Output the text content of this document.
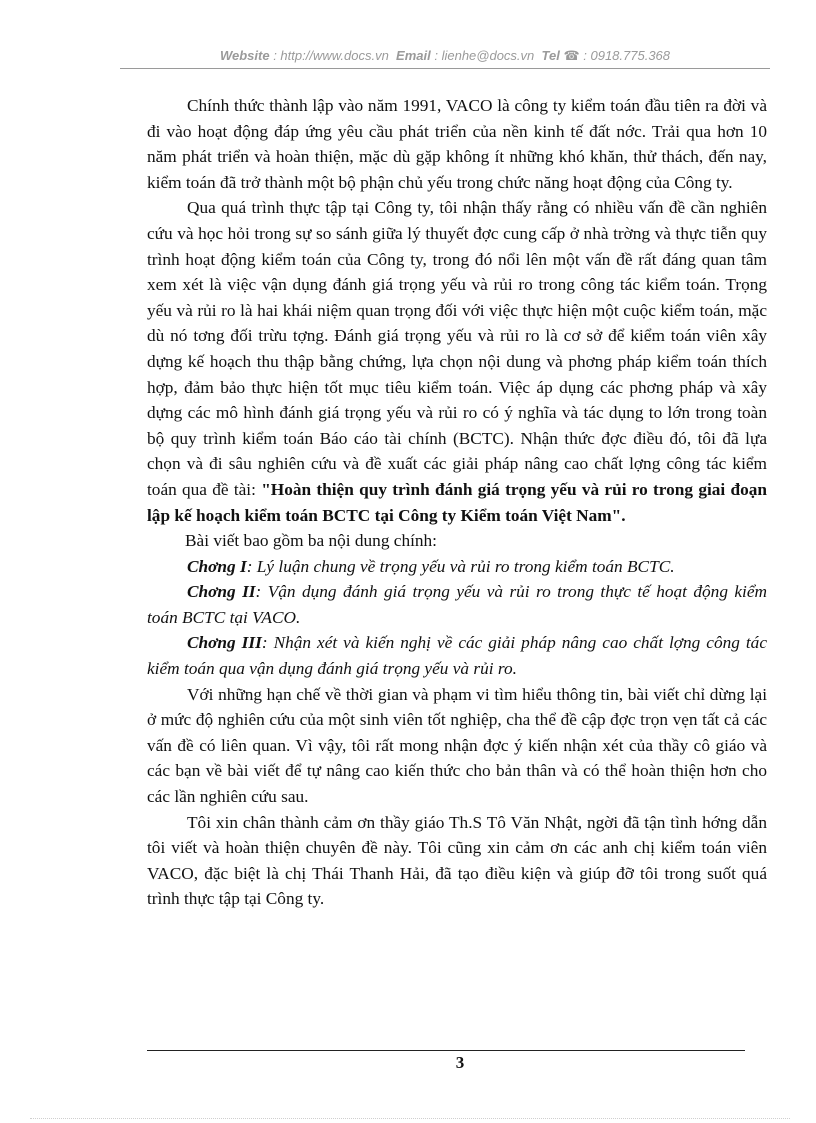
Website : http://www.docs.vn Email : lienhe@docs.vn Tel ☎ : 0918.775.368

Chính thức thành lập vào năm 1991, VACO là công ty kiểm toán đầu tiên ra đời và đi vào hoạt động đáp ứng yêu cầu phát triển của nền kinh tế đất nớc. Trải qua hơn 10 năm phát triển và hoàn thiện, mặc dù gặp không ít những khó khăn, thử thách, đến nay, kiểm toán đã trở thành một bộ phận chủ yếu trong chức năng hoạt động của Công ty.

Qua quá trình thực tập tại Công ty, tôi nhận thấy rằng có nhiều vấn đề cần nghiên cứu và học hỏi trong sự so sánh giữa lý thuyết đợc cung cấp ở nhà trờng và thực tiễn quy trình hoạt động kiểm toán của Công ty, trong đó nổi lên một vấn đề rất đáng quan tâm xem xét là việc vận dụng đánh giá trọng yếu và rủi ro trong công tác kiểm toán. Trọng yếu và rủi ro là hai khái niệm quan trọng đối với việc thực hiện một cuộc kiểm toán, mặc dù nó tơng đối trừu tợng. Đánh giá trọng yếu và rủi ro là cơ sở để kiểm toán viên xây dựng kế hoạch thu thập bằng chứng, lựa chọn nội dung và phơng pháp kiểm toán thích hợp, đảm bảo thực hiện tốt mục tiêu kiểm toán. Việc áp dụng các phơng pháp và xây dựng các mô hình đánh giá trọng yếu và rủi ro có ý nghĩa và tác dụng to lớn trong toàn bộ quy trình kiểm toán Báo cáo tài chính (BCTC). Nhận thức đợc điều đó, tôi đã lựa chọn và đi sâu nghiên cứu và đề xuất các giải pháp nâng cao chất lợng công tác kiểm toán qua đề tài: "Hoàn thiện quy trình đánh giá trọng yếu và rủi ro trong giai đoạn lập kế hoạch kiểm toán BCTC tại Công ty Kiểm toán Việt Nam".

Bài viết bao gồm ba nội dung chính:

Chơng I: Lý luận chung về trọng yếu và rủi ro trong kiểm toán BCTC.

Chơng II: Vận dụng đánh giá trọng yếu và rủi ro trong thực tế hoạt động kiểm toán BCTC tại VACO.

Chơng III: Nhận xét và kiến nghị về các giải pháp nâng cao chất lợng công tác kiểm toán qua vận dụng đánh giá trọng yếu và rủi ro.

Với những hạn chế về thời gian và phạm vi tìm hiểu thông tin, bài viết chỉ dừng lại ở mức độ nghiên cứu của một sinh viên tốt nghiệp, cha thể đề cập đợc trọn vẹn tất cả các vấn đề có liên quan. Vì vậy, tôi rất mong nhận đợc ý kiến nhận xét của thầy cô giáo và các bạn về bài viết để tự nâng cao kiến thức cho bản thân và có thể hoàn thiện hơn cho các lần nghiên cứu sau.

Tôi xin chân thành cảm ơn thầy giáo Th.S Tô Văn Nhật, ngời đã tận tình hớng dẫn tôi viết và hoàn thiện chuyên đề này. Tôi cũng xin cảm ơn các anh chị kiểm toán viên VACO, đặc biệt là chị Thái Thanh Hải, đã tạo điều kiện và giúp đỡ tôi trong suốt quá trình thực tập tại Công ty.

3
